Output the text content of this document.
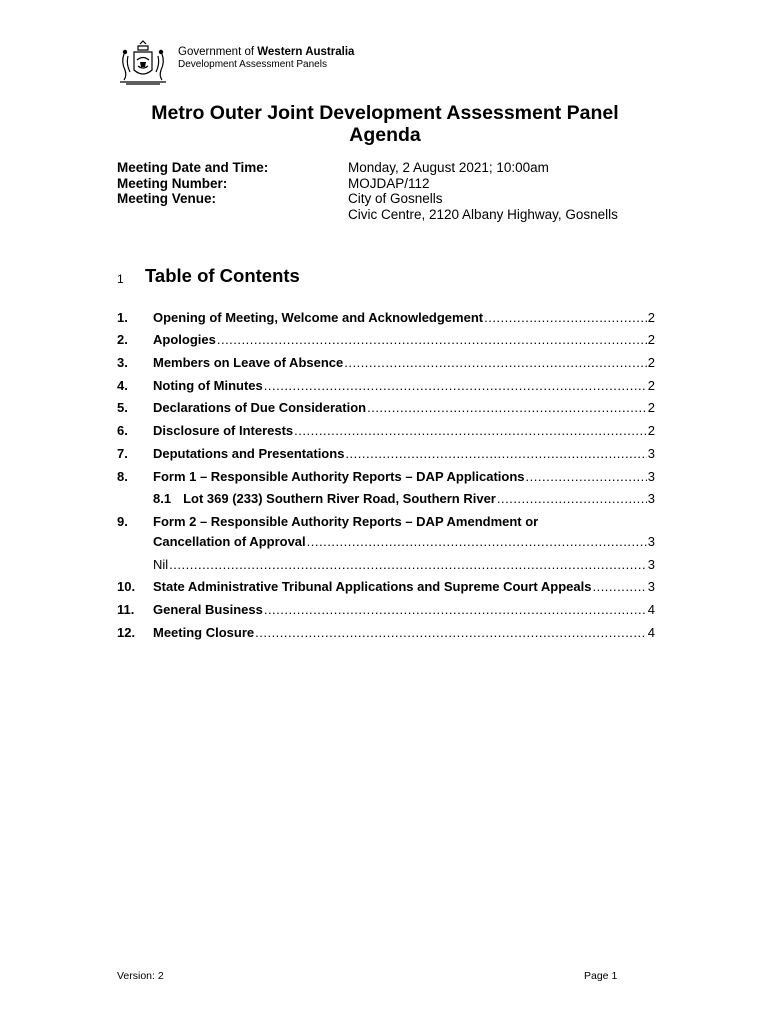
Government of Western Australia
Development Assessment Panels
Metro Outer Joint Development Assessment Panel
Agenda
Meeting Date and Time:	Monday, 2 August 2021; 10:00am
Meeting Number:	MOJDAP/112
Meeting Venue:	City of Gosnells
Civic Centre, 2120 Albany Highway, Gosnells
1 Table of Contents
1.	Opening of Meeting, Welcome and Acknowledgement .....	2
2.	Apologies .....	2
3.	Members on Leave of Absence .....	2
4.	Noting of Minutes .....	2
5.	Declarations of Due Consideration .....	2
6.	Disclosure of Interests .....	2
7.	Deputations and Presentations .....	3
8.	Form 1 – Responsible Authority Reports – DAP Applications .....	3
8.1 Lot 369 (233) Southern River Road, Southern River .....	3
9.	Form 2 – Responsible Authority Reports – DAP Amendment or
Cancellation of Approval .....	3
Nil .....	3
10.	State Administrative Tribunal Applications and Supreme Court Appeals .....	3
11.	General Business .....	4
12.	Meeting Closure .....	4
Version: 2	Page 1
